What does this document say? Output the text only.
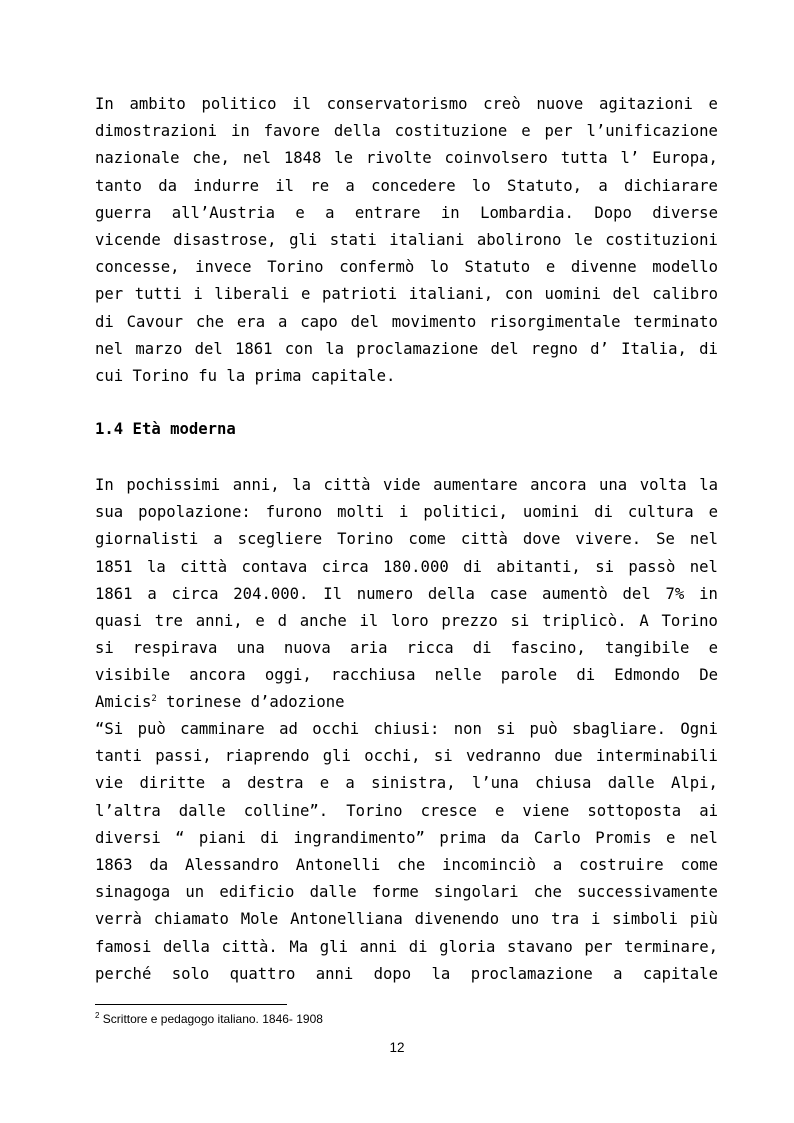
In ambito politico il conservatorismo creò nuove agitazioni e
dimostrazioni in favore della costituzione e per l’unificazione
nazionale che, nel 1848 le rivolte coinvolsero tutta l’ Europa,
tanto da indurre il re a concedere lo Statuto, a dichiarare
guerra all’Austria e a entrare in Lombardia. Dopo diverse
vicende disastrose, gli stati italiani abolirono le costituzioni
concesse, invece Torino confermò lo Statuto e divenne modello
per tutti i liberali e patrioti italiani, con uomini del calibro
di Cavour che era a capo del movimento risorgimentale terminato
nel marzo del 1861 con la proclamazione del regno d’ Italia, di
cui Torino fu la prima capitale.
1.4 Età moderna
In pochissimi anni, la città vide aumentare ancora una volta la
sua popolazione: furono molti i politici, uomini di cultura e
giornalisti a scegliere Torino come città dove vivere. Se nel
1851 la città contava circa 180.000 di abitanti, si passò nel
1861 a circa 204.000. Il numero della case aumentò del 7% in
quasi tre anni, e d anche il loro prezzo si triplicò. A Torino
si respirava una nuova aria ricca di fascino, tangibile e
visibile ancora oggi, racchiusa nelle parole di Edmondo De
Amicis$^2$ torinese d’adozione
“Si può camminare ad occhi chiusi: non si può sbagliare. Ogni
tanti passi, riaprendo gli occhi, si vedranno due interminabili
vie diritte a destra e a sinistra, l’una chiusa dalle Alpi,
l’altra dalle colline”. Torino cresce e viene sottoposta ai
diversi “ piani di ingrandimento” prima da Carlo Promis e nel
1863 da Alessandro Antonelli che incominciò a costruire come
sinagoga un edificio dalle forme singolari che successivamente
verrà chiamato Mole Antonelliana divenendo uno tra i simboli più
famosi della città. Ma gli anni di gloria stavano per terminare,
perché solo quattro anni dopo la proclamazione a capitale
$^2$ Scrittore e pedagogo italiano. 1846- 1908
12
